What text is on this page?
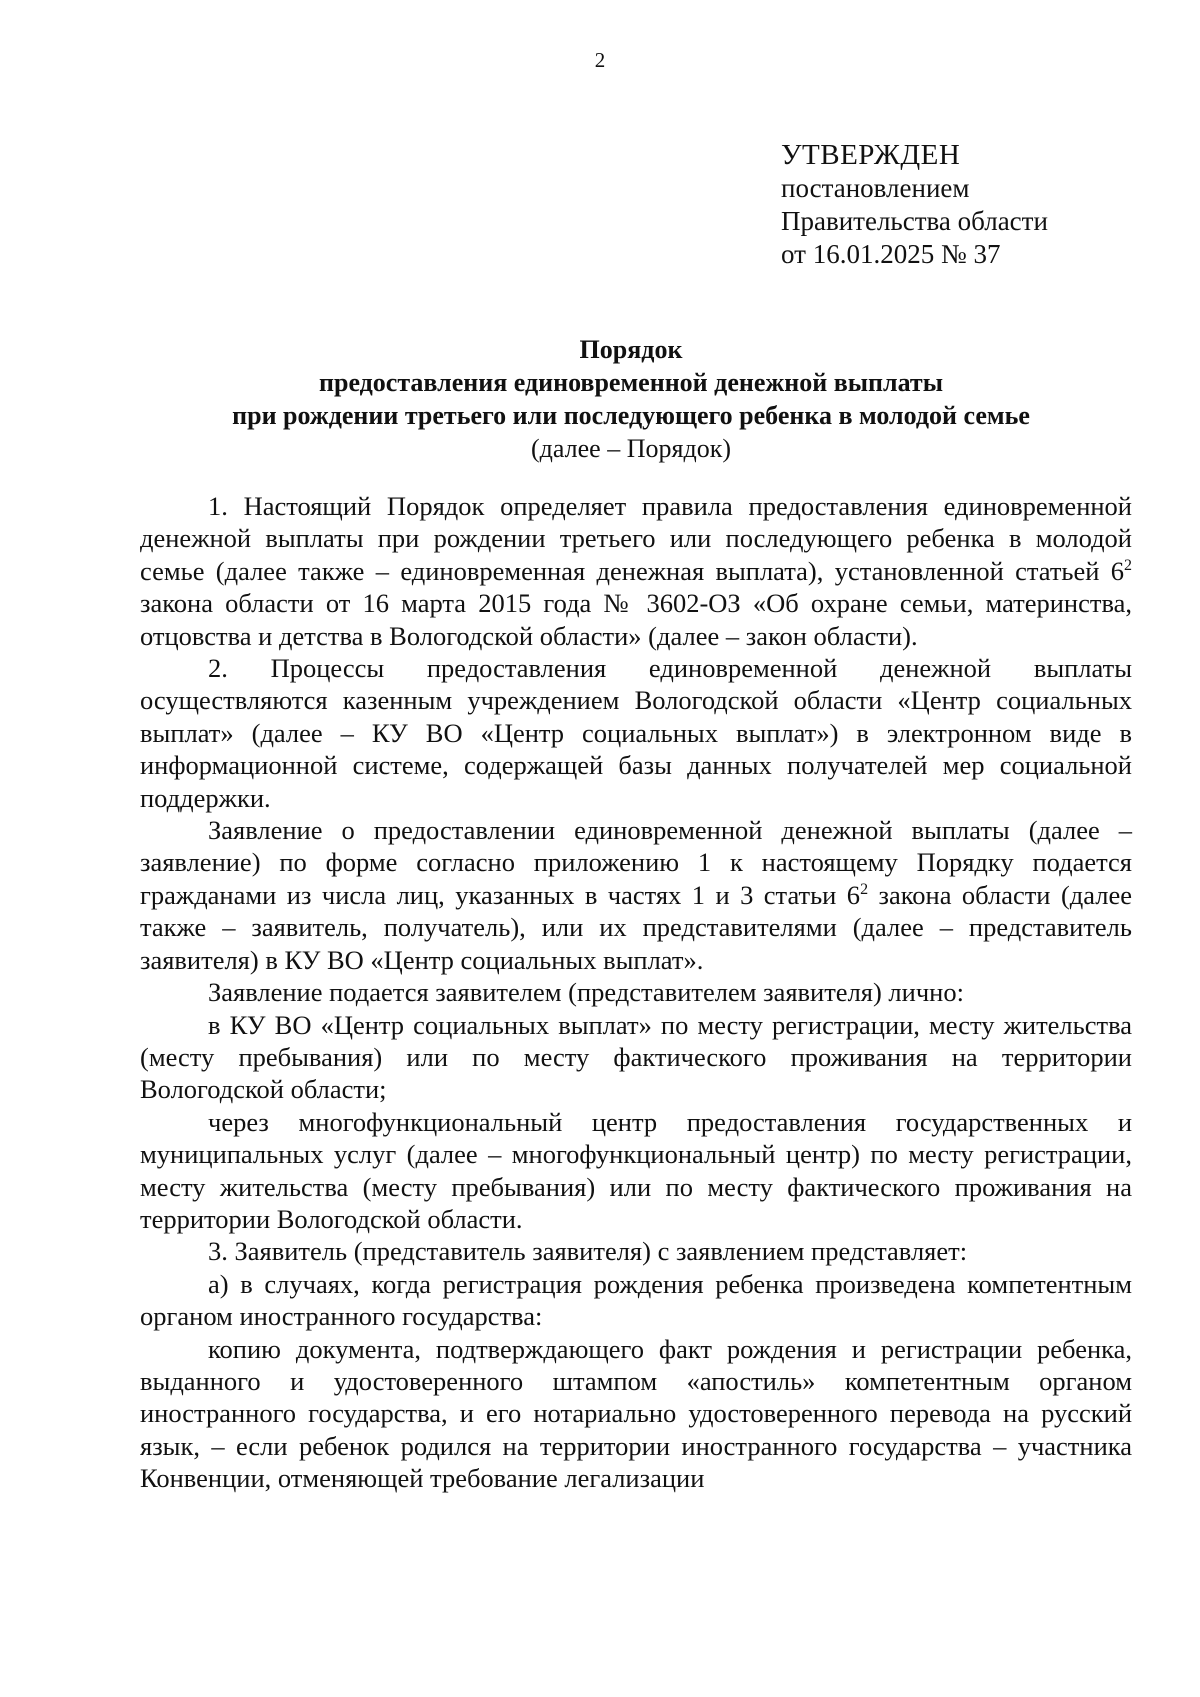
2
УТВЕРЖДЕН
постановлением
Правительства области
от 16.01.2025 № 37
Порядок
предоставления единовременной денежной выплаты
при рождении третьего или последующего ребенка в молодой семье
(далее – Порядок)

1. Настоящий Порядок определяет правила предоставления единовременной денежной выплаты при рождении третьего или последующего ребенка в молодой семье (далее также – единовременная денежная выплата), установленной статьей $6^2$ закона области от 16 марта 2015 года № 3602-ОЗ «Об охране семьи, материнства, отцовства и детства в Вологодской области» (далее – закон области).

2. Процессы предоставления единовременной денежной выплаты осуществляются казенным учреждением Вологодской области «Центр социальных выплат» (далее – КУ ВО «Центр социальных выплат») в электронном виде в информационной системе, содержащей базы данных получателей мер социальной поддержки.

Заявление о предоставлении единовременной денежной выплаты (далее – заявление) по форме согласно приложению 1 к настоящему Порядку подается гражданами из числа лиц, указанных в частях 1 и 3 статьи $6^2$ закона области (далее также – заявитель, получатель), или их представителями (далее – представитель заявителя) в КУ ВО «Центр социальных выплат».

Заявление подается заявителем (представителем заявителя) лично:

в КУ ВО «Центр социальных выплат» по месту регистрации, месту жительства (месту пребывания) или по месту фактического проживания на территории Вологодской области;

через многофункциональный центр предоставления государственных и муниципальных услуг (далее – многофункциональный центр) по месту регистрации, месту жительства (месту пребывания) или по месту фактического проживания на территории Вологодской области.

3. Заявитель (представитель заявителя) с заявлением представляет:

а) в случаях, когда регистрация рождения ребенка произведена компетентным органом иностранного государства:

копию документа, подтверждающего факт рождения и регистрации ребенка, выданного и удостоверенного штампом «апостиль» компетентным органом иностранного государства, и его нотариально удостоверенного перевода на русский язык, – если ребенок родился на территории иностранного государства – участника Конвенции, отменяющей требование легализации
